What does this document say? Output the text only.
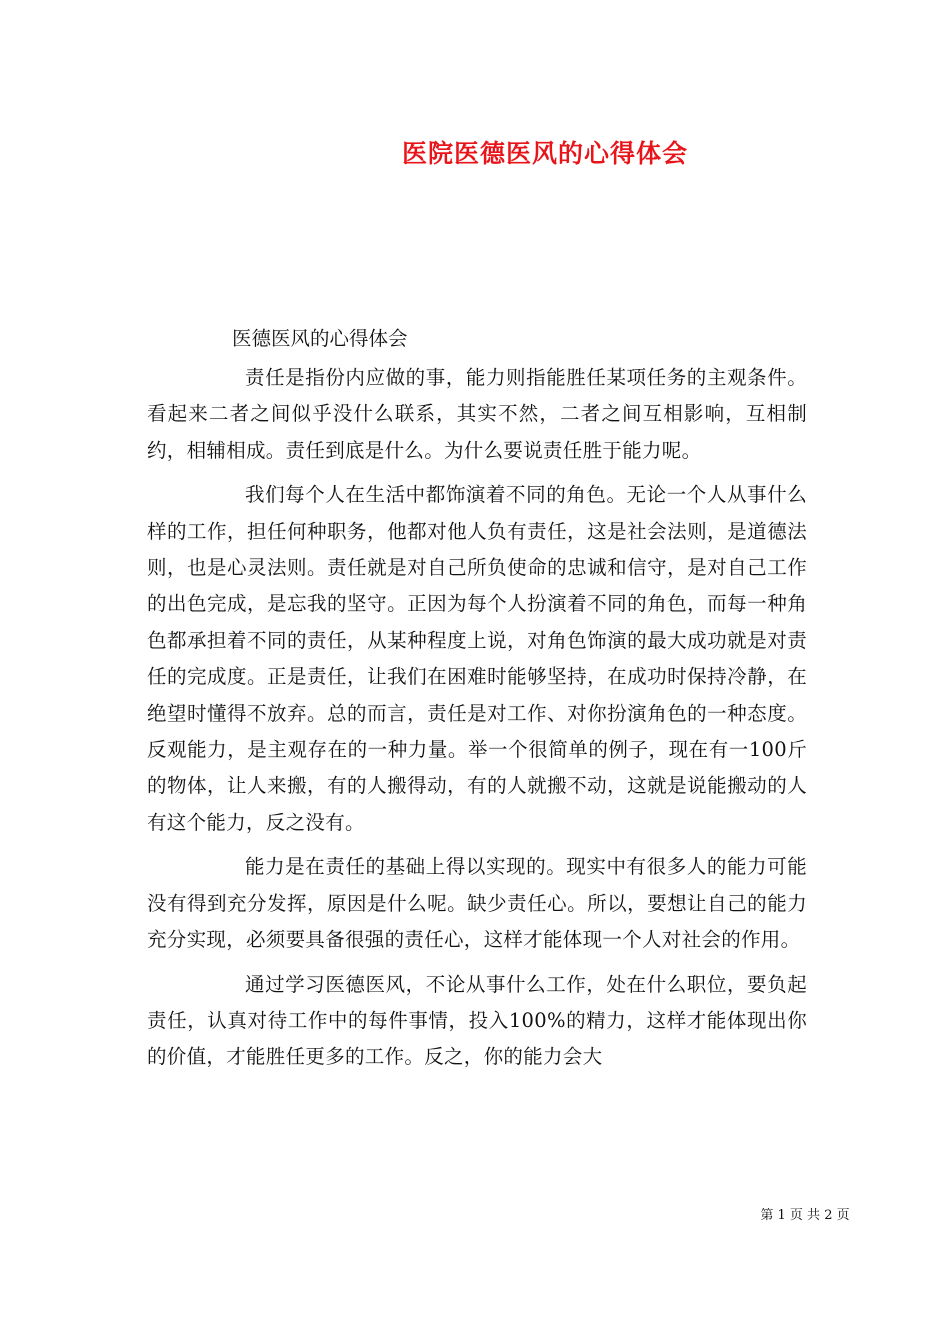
医院医德医风的心得体会
医德医风的心得体会

责任是指份内应做的事，能力则指能胜任某项任务的主观条件。看起来二者之间似乎没什么联系，其实不然，二者之间互相影响，互相制约，相辅相成。责任到底是什么。为什么要说责任胜于能力呢。

我们每个人在生活中都饰演着不同的角色。无论一个人从事什么样的工作，担任何种职务，他都对他人负有责任，这是社会法则，是道德法则，也是心灵法则。责任就是对自己所负使命的忠诚和信守，是对自己工作的出色完成，是忘我的坚守。正因为每个人扮演着不同的角色，而每一种角色都承担着不同的责任，从某种程度上说，对角色饰演的最大成功就是对责任的完成度。正是责任，让我们在困难时能够坚持，在成功时保持冷静，在绝望时懂得不放弃。总的而言，责任是对工作、对你扮演角色的一种态度。反观能力，是主观存在的一种力量。举一个很简单的例子，现在有一100斤的物体，让人来搬，有的人搬得动，有的人就搬不动，这就是说能搬动的人有这个能力，反之没有。

能力是在责任的基础上得以实现的。现实中有很多人的能力可能没有得到充分发挥，原因是什么呢。缺少责任心。所以，要想让自己的能力充分实现，必须要具备很强的责任心，这样才能体现一个人对社会的作用。

通过学习医德医风，不论从事什么工作，处在什么职位，要负起责任，认真对待工作中的每件事情，投入100%的精力，这样才能体现出你的价值，才能胜任更多的工作。反之，你的能力会大

第 1 页 共 2 页
